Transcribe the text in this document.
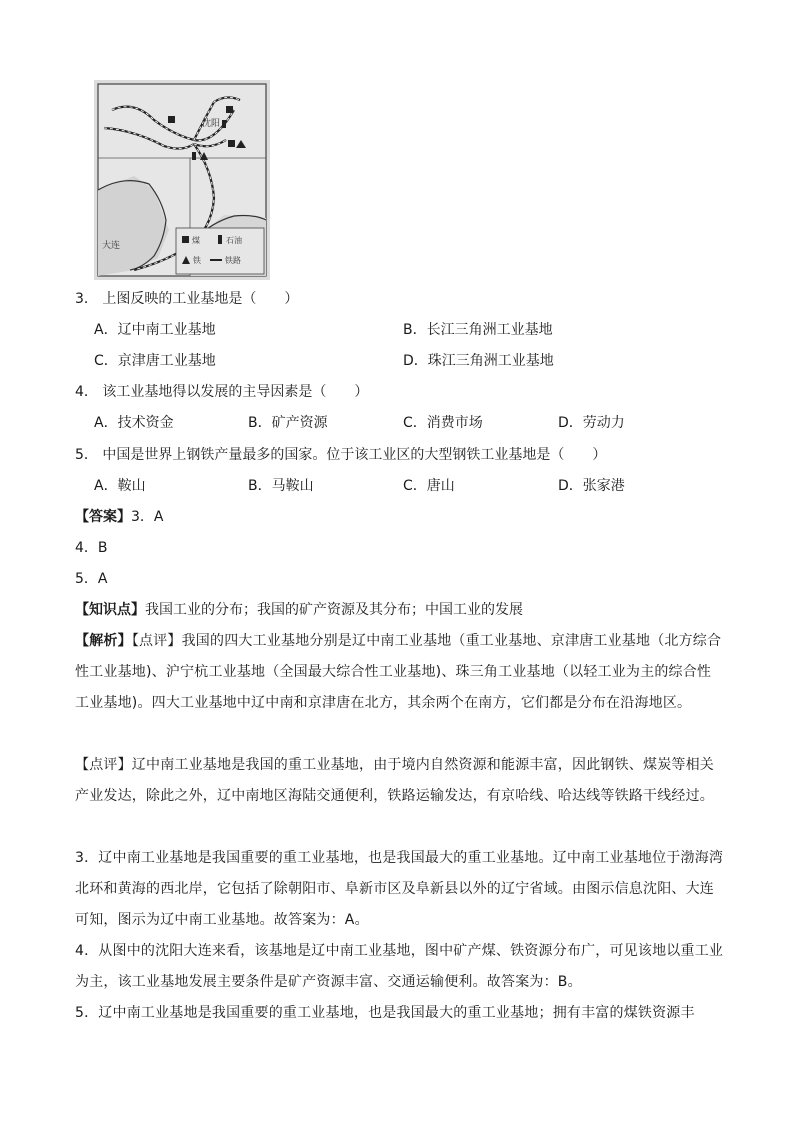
沈阳
大连
煤	石油
铁	铁路
3． 上图反映的工业基地是（　　）
A．辽中南工业基地	B．长江三角洲工业基地
C．京津唐工业基地	D．珠江三角洲工业基地
4． 该工业基地得以发展的主导因素是（　　）
A．技术资金	B．矿产资源	C．消费市场	D．劳动力
5． 中国是世界上钢铁产量最多的国家。位于该工业区的大型钢铁工业基地是（　　）
A．鞍山	B．马鞍山	C．唐山	D．张家港
【答案】3．A
4．B
5．A
【知识点】我国工业的分布；我国的矿产资源及其分布；中国工业的发展
【解析】【点评】我国的四大工业基地分别是辽中南工业基地（重工业基地、京津唐工业基地（北方综合性工业基地)、沪宁杭工业基地（全国最大综合性工业基地)、珠三角工业基地（以轻工业为主的综合性工业基地)。四大工业基地中辽中南和京津唐在北方，其余两个在南方，它们都是分布在沿海地区。
【点评】辽中南工业基地是我国的重工业基地，由于境内自然资源和能源丰富，因此钢铁、煤炭等相关产业发达，除此之外，辽中南地区海陆交通便利，铁路运输发达，有京哈线、哈达线等铁路干线经过。
3．辽中南工业基地是我国重要的重工业基地，也是我国最大的重工业基地。辽中南工业基地位于渤海湾北环和黄海的西北岸，它包括了除朝阳市、阜新市区及阜新县以外的辽宁省域。由图示信息沈阳、大连可知，图示为辽中南工业基地。故答案为：A。
4．从图中的沈阳大连来看，该基地是辽中南工业基地，图中矿产煤、铁资源分布广，可见该地以重工业为主，该工业基地发展主要条件是矿产资源丰富、交通运输便利。故答案为：B。
5．辽中南工业基地是我国重要的重工业基地，也是我国最大的重工业基地；拥有丰富的煤铁资源丰
